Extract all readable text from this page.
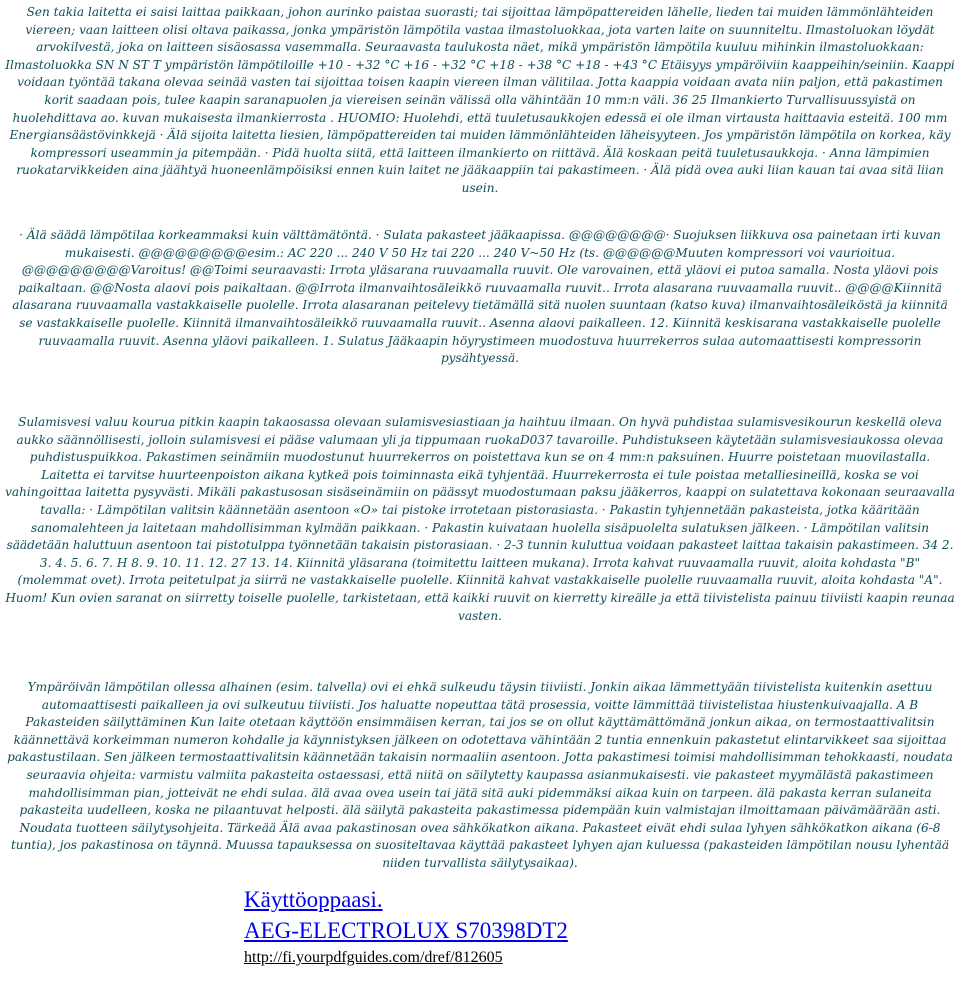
Sen takia laitetta ei saisi laittaa paikkaan, johon aurinko paistaa suorasti; tai sijoittaa lämpöpattereiden lähelle, lieden tai muiden lämmönlähteiden viereen; vaan laitteen olisi oltava paikassa, jonka ympäristön lämpötila vastaa ilmastoluokkaa, jota varten laite on suunniteltu. Ilmastoluokan löydät arvokilvestä, joka on laitteen sisäosassa vasemmalla. Seuraavasta taulukosta näet, mikä ympäristön lämpötila kuuluu mihinkin ilmastoluokkaan: Ilmastoluokka SN N ST T ympäristön lämpötiloille +10 - +32 °C +16 - +32 °C +18 - +38 °C +18 - +43 °C Etäisyys ympäröiviin kaappeihin/seiniin. Kaappi voidaan työntää takana olevaa seinää vasten tai sijoittaa toisen kaapin viereen ilman välitilaa. Jotta kaappia voidaan avata niin paljon, että pakastimen korit saadaan pois, tulee kaapin saranapuolen ja viereisen seinän välissä olla vähintään 10 mm:n väli. 36 25 Ilmankierto Turvallisuussyistä on huolehdittava ao. kuvan mukaisesta ilmankierrosta . HUOMIO: Huolehdi, että tuuletusaukkojen edessä ei ole ilman virtausta haittaavia esteitä. 100 mm Energiansäästövinkkejä · Älä sijoita laitetta liesien, lämpöpattereiden tai muiden lämmönlähteiden läheisyyteen. Jos ympäristön lämpötila on korkea, käy kompressori useammin ja pitempään. · Pidä huolta siitä, että laitteen ilmankierto on riittävä. Älä koskaan peitä tuuletusaukkoja. · Anna lämpimien ruokatarvikkeiden aina jäähtyä huoneenlämpöisiksi ennen kuin laitet ne jääkaappiin tai pakastimeen. · Älä pidä ovea auki liian kauan tai avaa sitä liian usein.

· Älä säädä lämpötilaa korkeammaksi kuin välttämätöntä. · Sulata pakasteet jääkaapissa. @@@@@@@@· Suojuksen liikkuva osa painetaan irti kuvan mukaisesti. @@@@@@@@@esim.: AC 220 ... 240 V 50 Hz tai 220 ... 240 V~50 Hz (ts. @@@@@@Muuten kompressori voi vaurioitua. @@@@@@@@@Varoitus! @@Toimi seuraavasti: Irrota yläsarana ruuvaamalla ruuvit. Ole varovainen, että yläovi ei putoa samalla. Nosta yläovi pois paikaltaan. @@Nosta alaovi pois paikaltaan. @@Irrota ilmanvaihtosäleikkö ruuvaamalla ruuvit.. Irrota alasarana ruuvaamalla ruuvit.. @@@@Kiinnitä alasarana ruuvaamalla vastakkaiselle puolelle. Irrota alasaranan peitelevy tietämällä sitä nuolen suuntaan (katso kuva) ilmanvaihtosäleiköstä ja kiinnitä se vastakkaiselle puolelle. Kiinnitä ilmanvaihtosäleikkö ruuvaamalla ruuvit.. Asenna alaovi paikalleen. 12. Kiinnitä keskisarana vastakkaiselle puolelle ruuvaamalla ruuvit. Asenna yläovi paikalleen. 1. Sulatus Jääkaapin höyrystimeen muodostuva huurrekerros sulaa automaattisesti kompressorin pysähtyessä.

Sulamisvesi valuu kourua pitkin kaapin takaosassa olevaan sulamisvesiastiaan ja haihtuu ilmaan. On hyvä puhdistaa sulamisvesikourun keskellä oleva aukko säännöllisesti, jolloin sulamisvesi ei pääse valumaan yli ja tippumaan ruokaD037 tavaroille. Puhdistukseen käytetään sulamisvesiaukossa olevaa puhdistuspuikkoa. Pakastimen seinämiin muodostunut huurrekerros on poistettava kun se on 4 mm:n paksuinen. Huurre poistetaan muovilastalla. Laitetta ei tarvitse huurteenpoiston aikana kytkeä pois toiminnasta eikä tyhjentää. Huurrekerrosta ei tule poistaa metalliesineillä, koska se voi vahingoittaa laitetta pysyvästi. Mikäli pakastusosan sisäseinämiin on päässyt muodostumaan paksu jääkerros, kaappi on sulatettava kokonaan seuraavalla tavalla: · Lämpötilan valitsin käännetään asentoon «O» tai pistoke irrotetaan pistorasiasta. · Pakastin tyhjennetään pakasteista, jotka kääritään sanomalehteen ja laitetaan mahdollisimman kylmään paikkaan. · Pakastin kuivataan huolella sisäpuolelta sulatuksen jälkeen. · Lämpötilan valitsin säädetään haluttuun asentoon tai pistotulppa työnnetään takaisin pistorasiaan. · 2-3 tunnin kuluttua voidaan pakasteet laittaa takaisin pakastimeen. 34 2. 3. 4. 5. 6. 7. H 8. 9. 10. 11. 12. 27 13. 14. Kiinnitä yläsarana (toimitettu laitteen mukana). Irrota kahvat ruuvaamalla ruuvit, aloita kohdasta "B" (molemmat ovet). Irrota peitetulpat ja siirrä ne vastakkaiselle puolelle. Kiinnitä kahvat vastakkaiselle puolelle ruuvaamalla ruuvit, aloita kohdasta "A". Huom! Kun ovien saranat on siirretty toiselle puolelle, tarkistetaan, että kaikki ruuvit on kierretty kireälle ja että tiivistelista painuu tiiviisti kaapin reunaa vasten.

Ympäröivän lämpötilan ollessa alhainen (esim. talvella) ovi ei ehkä sulkeudu täysin tiiviisti. Jonkin aikaa lämmettyään tiivistelista kuitenkin asettuu automaattisesti paikalleen ja ovi sulkeutuu tiiviisti. Jos haluatte nopeuttaa tätä prosessia, voitte lämmittää tiivistelistaa hiustenkuivaajalla. A B Pakasteiden säilyttäminen Kun laite otetaan käyttöön ensimmäisen kerran, tai jos se on ollut käyttämättömänä jonkun aikaa, on termostaattivalitsin käännettävä korkeimman numeron kohdalle ja käynnistyksen jälkeen on odotettava vähintään 2 tuntia ennenkuin pakastetut elintarvikkeet saa sijoittaa pakastustilaan. Sen jälkeen termostaattivalitsin käännetään takaisin normaaliin asentoon. Jotta pakastimesi toimisi mahdollisimman tehokkaasti, noudata seuraavia ohjeita: varmistu valmiita pakasteita ostaessasi, että niitä on säilytetty kaupassa asianmukaisesti. vie pakasteet myymälästä pakastimeen mahdollisimman pian, jotteivät ne ehdi sulaa. älä avaa ovea usein tai jätä sitä auki pidemmäksi aikaa kuin on tarpeen. älä pakasta kerran sulaneita pakasteita uudelleen, koska ne pilaantuvat helposti. älä säilytä pakasteita pakastimessa pidempään kuin valmistajan ilmoittamaan päivämäärään asti. Noudata tuotteen säilytysohjeita. Tärkeää Älä avaa pakastinosan ovea sähkökatkon aikana. Pakasteet eivät ehdi sulaa lyhyen sähkökatkon aikana (6-8 tuntia), jos pakastinosa on täynnä. Muussa tapauksessa on suositeltavaa käyttää pakasteet lyhyen ajan kuluessa (pakasteiden lämpötilan nousu lyhentää niiden turvallista säilytysaikaa).

Käyttöoppaasi.
AEG-ELECTROLUX S70398DT2
http://fi.yourpdfguides.com/dref/812605
